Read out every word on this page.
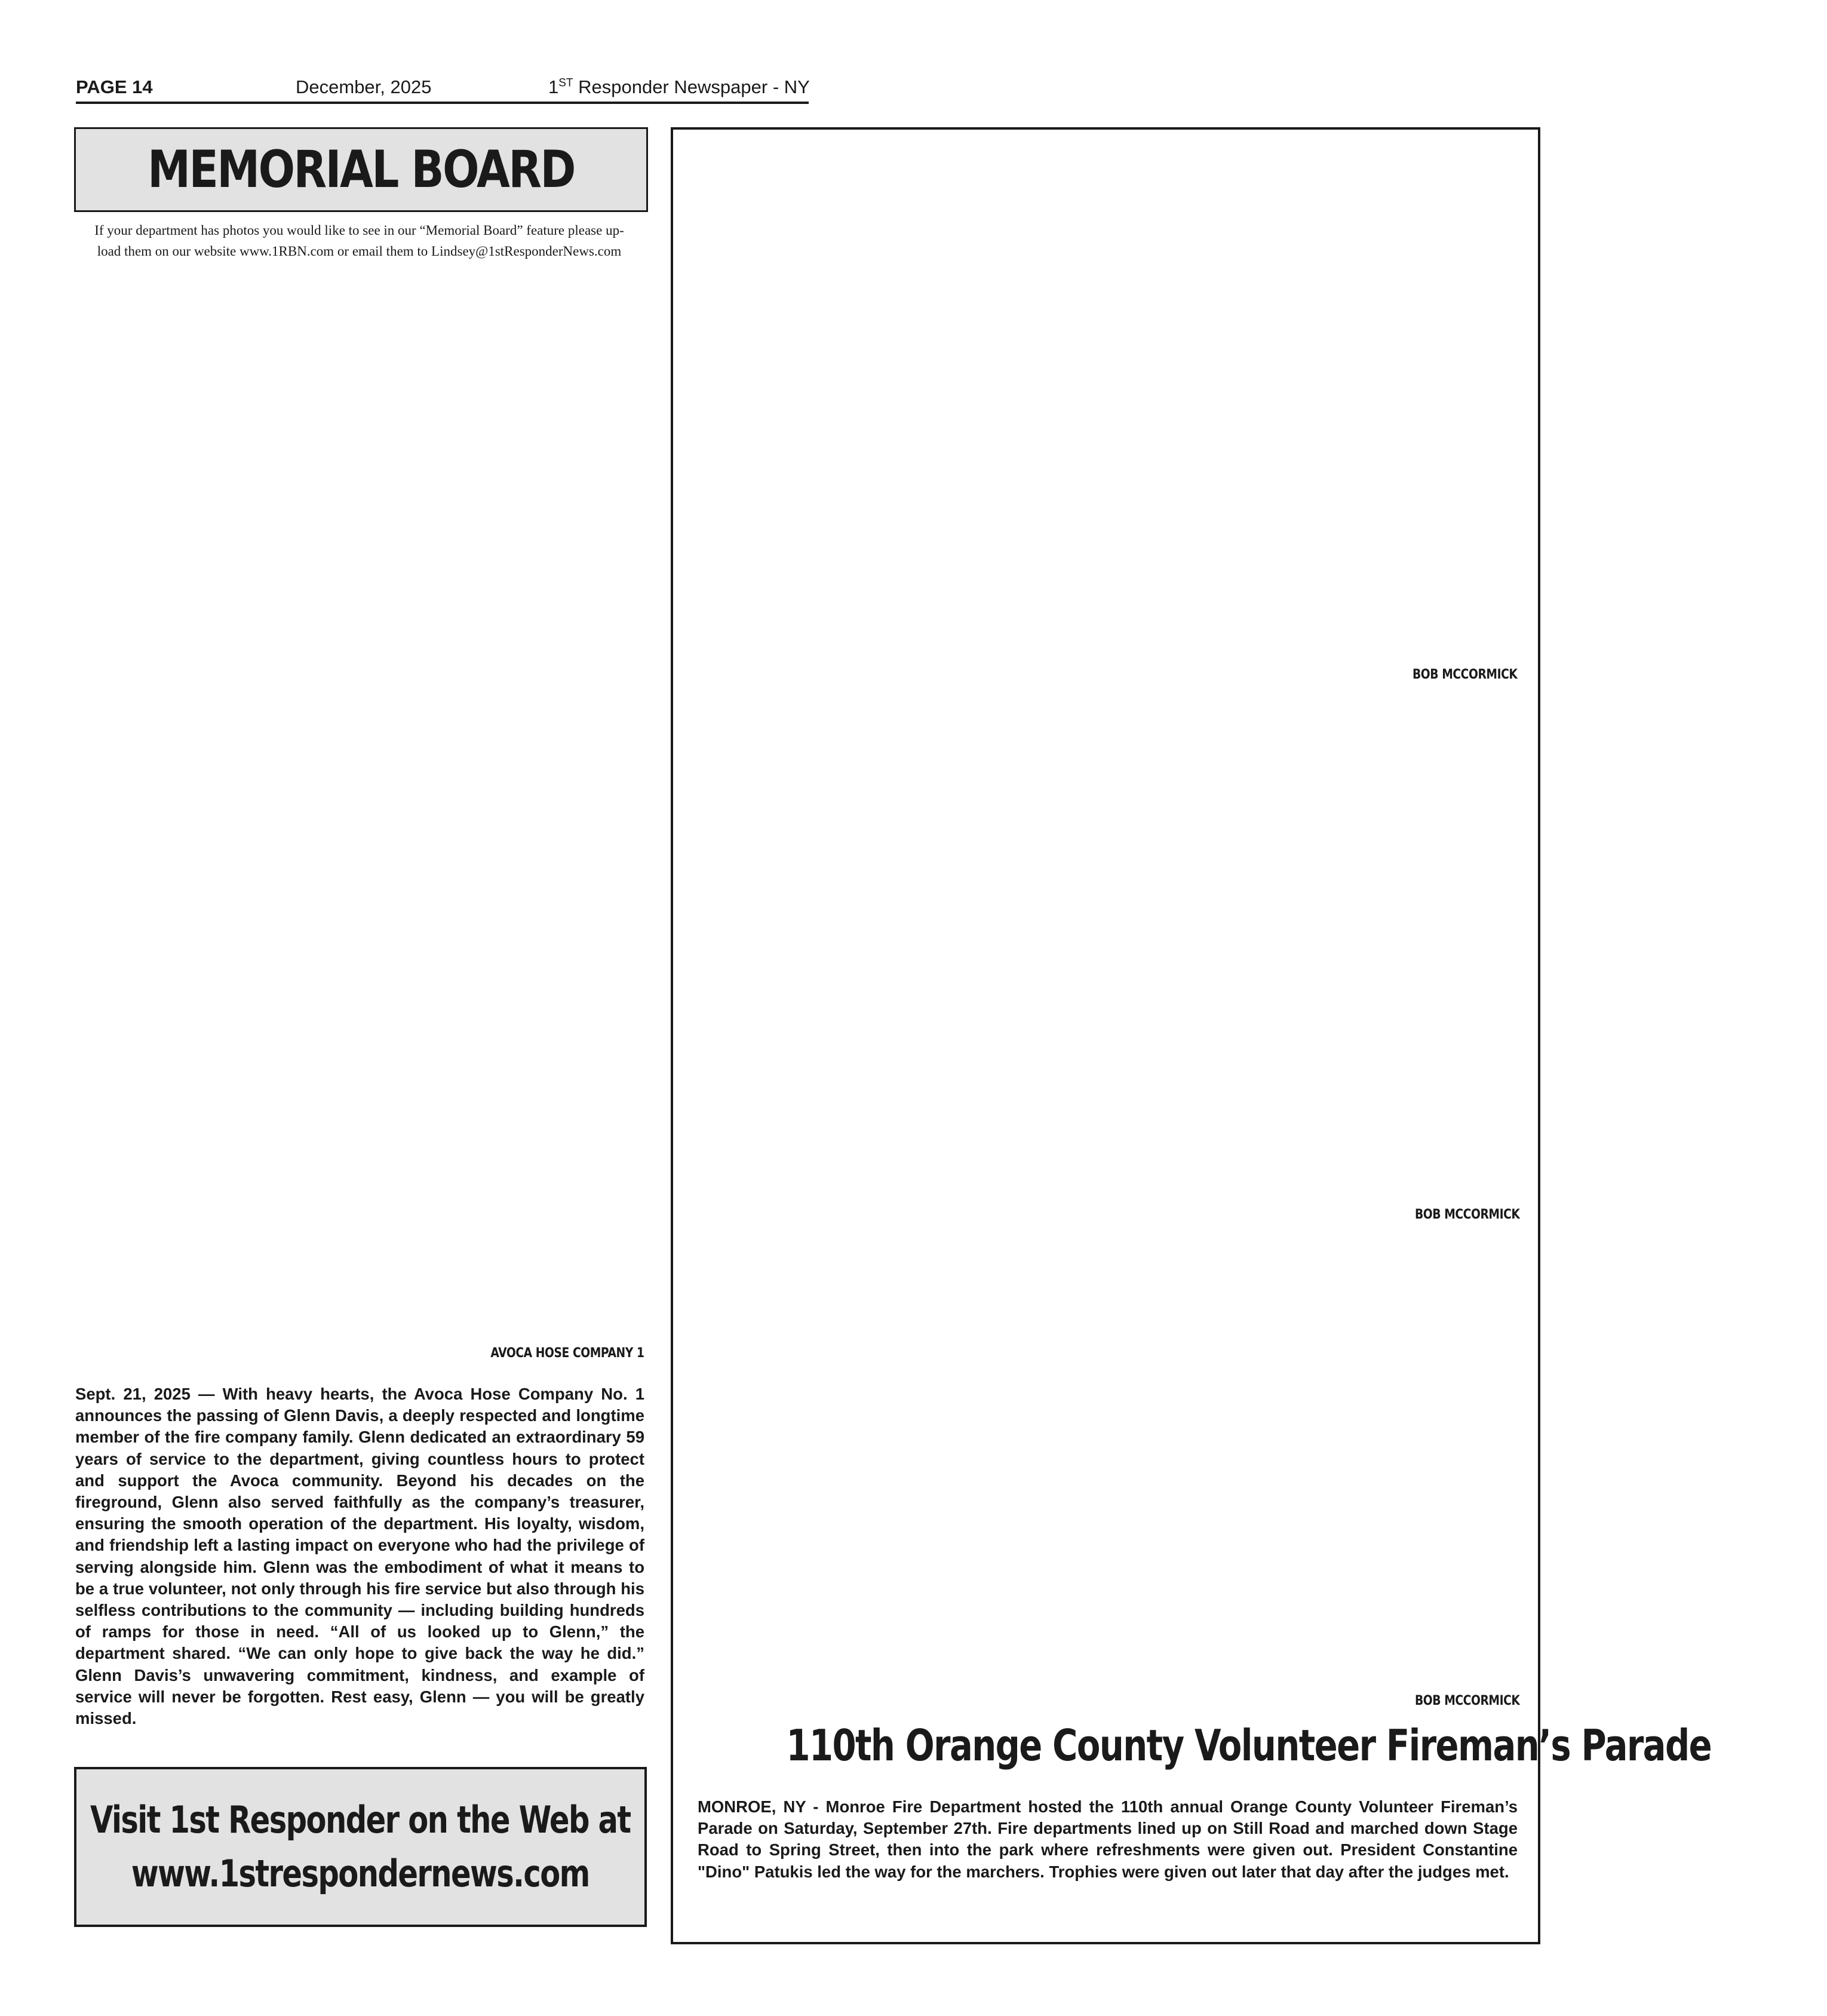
PAGE 14	December, 2025	1ST Responder Newspaper - NY
MEMORIAL BOARD
If your department has photos you would like to see in our “Memorial Board” feature please up-
load them on our website www.1RBN.com or email them to Lindsey@1stResponderNews.com
AVOCA HOSE COMPANY 1
Sept. 21, 2025 — With heavy hearts, the Avoca Hose Company No. 1 announces the passing of Glenn Davis, a deeply respected and longtime member of the fire company family. Glenn dedicated an extraordinary 59 years of service to the department, giving countless hours to protect and support the Avoca community. Beyond his decades on the fireground, Glenn also served faithfully as the company’s treasurer, ensuring the smooth operation of the department. His loyalty, wisdom, and friendship left a lasting impact on everyone who had the privilege of serving alongside him. Glenn was the embodiment of what it means to be a true volunteer, not only through his fire service but also through his selfless contributions to the community — including building hundreds of ramps for those in need. “All of us looked up to Glenn,” the department shared. “We can only hope to give back the way he did.” Glenn Davis’s unwavering commitment, kindness, and example of service will never be forgotten. Rest easy, Glenn — you will be greatly missed.
Visit 1st Responder on the Web at
www.1strespondernews.com
BOB MCCORMICK
BOB MCCORMICK
BOB MCCORMICK
110th Orange County Volunteer Fireman’s Parade
MONROE, NY - Monroe Fire Department hosted the 110th annual Orange County Volunteer Fireman’s Parade on Saturday, September 27th. Fire departments lined up on Still Road and marched down Stage Road to Spring Street, then into the park where refreshments were given out. President Constantine "Dino" Patukis led the way for the marchers. Trophies were given out later that day after the judges met.
